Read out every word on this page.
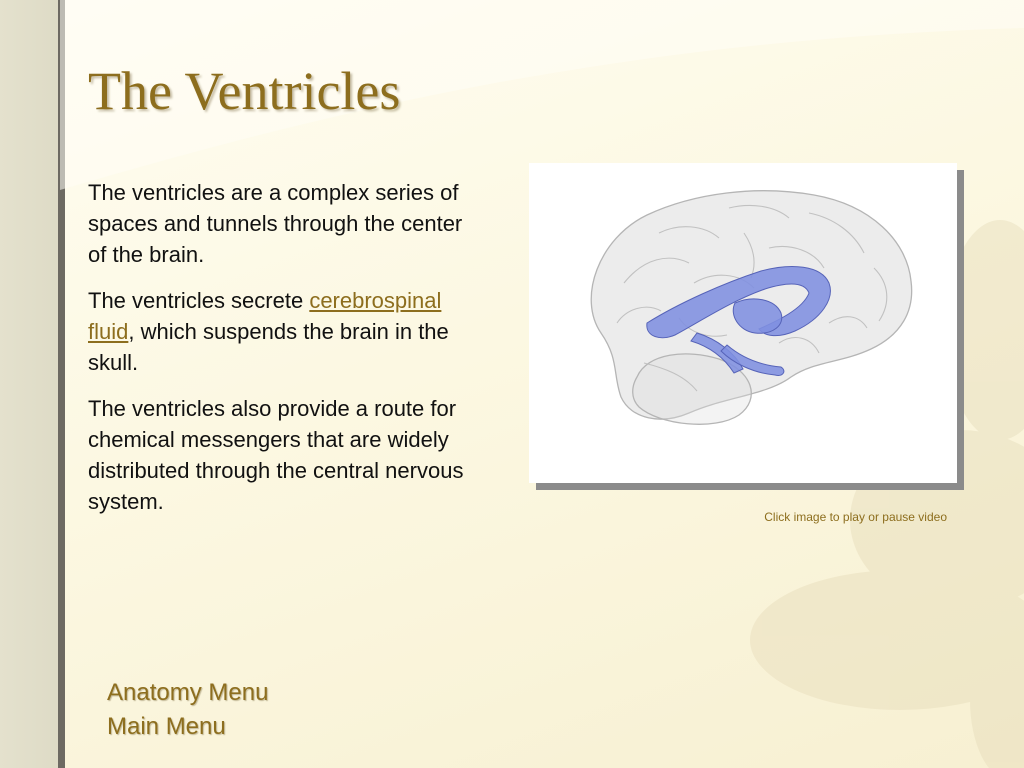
The Ventricles

The ventricles are a complex series of spaces and tunnels through the center of the brain.

The ventricles secrete cerebrospinal fluid, which suspends the brain in the skull.

The ventricles also provide a route for chemical messengers that are widely distributed through the central nervous system.

Click image to play or pause video
Anatomy Menu
Main Menu
